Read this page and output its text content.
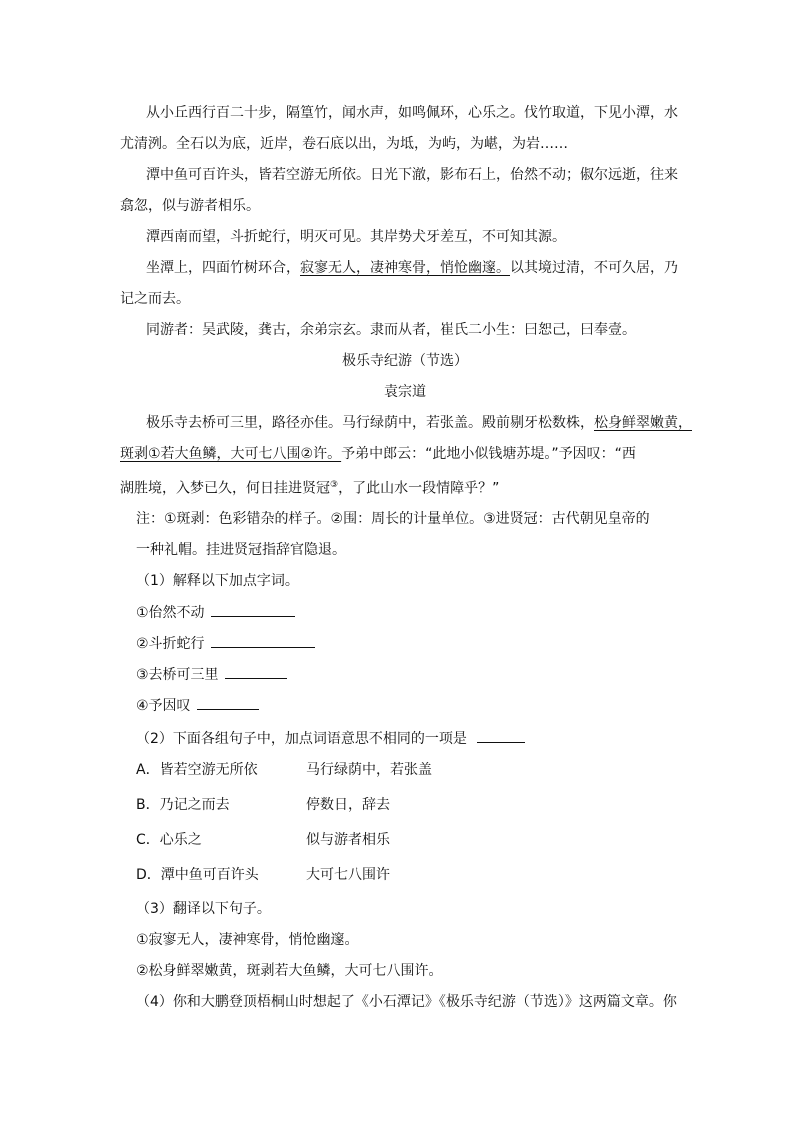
从小丘西行百二十步，隔篁竹，闻水声，如鸣佩环，心乐之。伐竹取道，下见小潭，水
尤清洌。全石以为底，近岸，卷石底以出，为坻，为屿，为嵁，为岩……
潭中鱼可百许头，皆若空游无所依。日光下澈，影布石上，佁然不动；俶尔远逝，往来
翕忽，似与游者相乐。
潭西南而望，斗折蛇行，明灭可见。其岸势犬牙差互，不可知其源。
坐潭上，四面竹树环合，寂寥无人，凄神寒骨，悄怆幽邃。以其境过清，不可久居，乃
记之而去。
同游者：吴武陵，龚古，余弟宗玄。隶而从者，崔氏二小生：曰恕己，曰奉壹。
极乐寺纪游（节选）
袁宗道
极乐寺去桥可三里，路径亦佳。马行绿荫中，若张盖。殿前剔牙松数株，松身鲜翠嫩黄，
斑剥①若大鱼鳞，大可七八围②许。予弟中郎云：“此地小似钱塘苏堤。”予因叹：“西
湖胜境，入梦已久，何日挂进贤冠③，了此山水一段情障乎？”
注：①斑剥：色彩错杂的样子。②围：周长的计量单位。③进贤冠：古代朝见皇帝的
一种礼帽。挂进贤冠指辞官隐退。
（1）解释以下加点字词。
①佁然不动
②斗折蛇行
③去桥可三里
④予因叹
（2）下面各组句子中，加点词语意思不相同的一项是
A．皆若空游无所依	马行绿荫中，若张盖
B．乃记之而去	停数日，辞去
C．心乐之	似与游者相乐
D．潭中鱼可百许头	大可七八围许
（3）翻译以下句子。
①寂寥无人，凄神寒骨，悄怆幽邃。
②松身鲜翠嫩黄，斑剥若大鱼鳞，大可七八围许。
（4）你和大鹏登顶梧桐山时想起了《小石潭记》《极乐寺纪游（节选）》这两篇文章。你
